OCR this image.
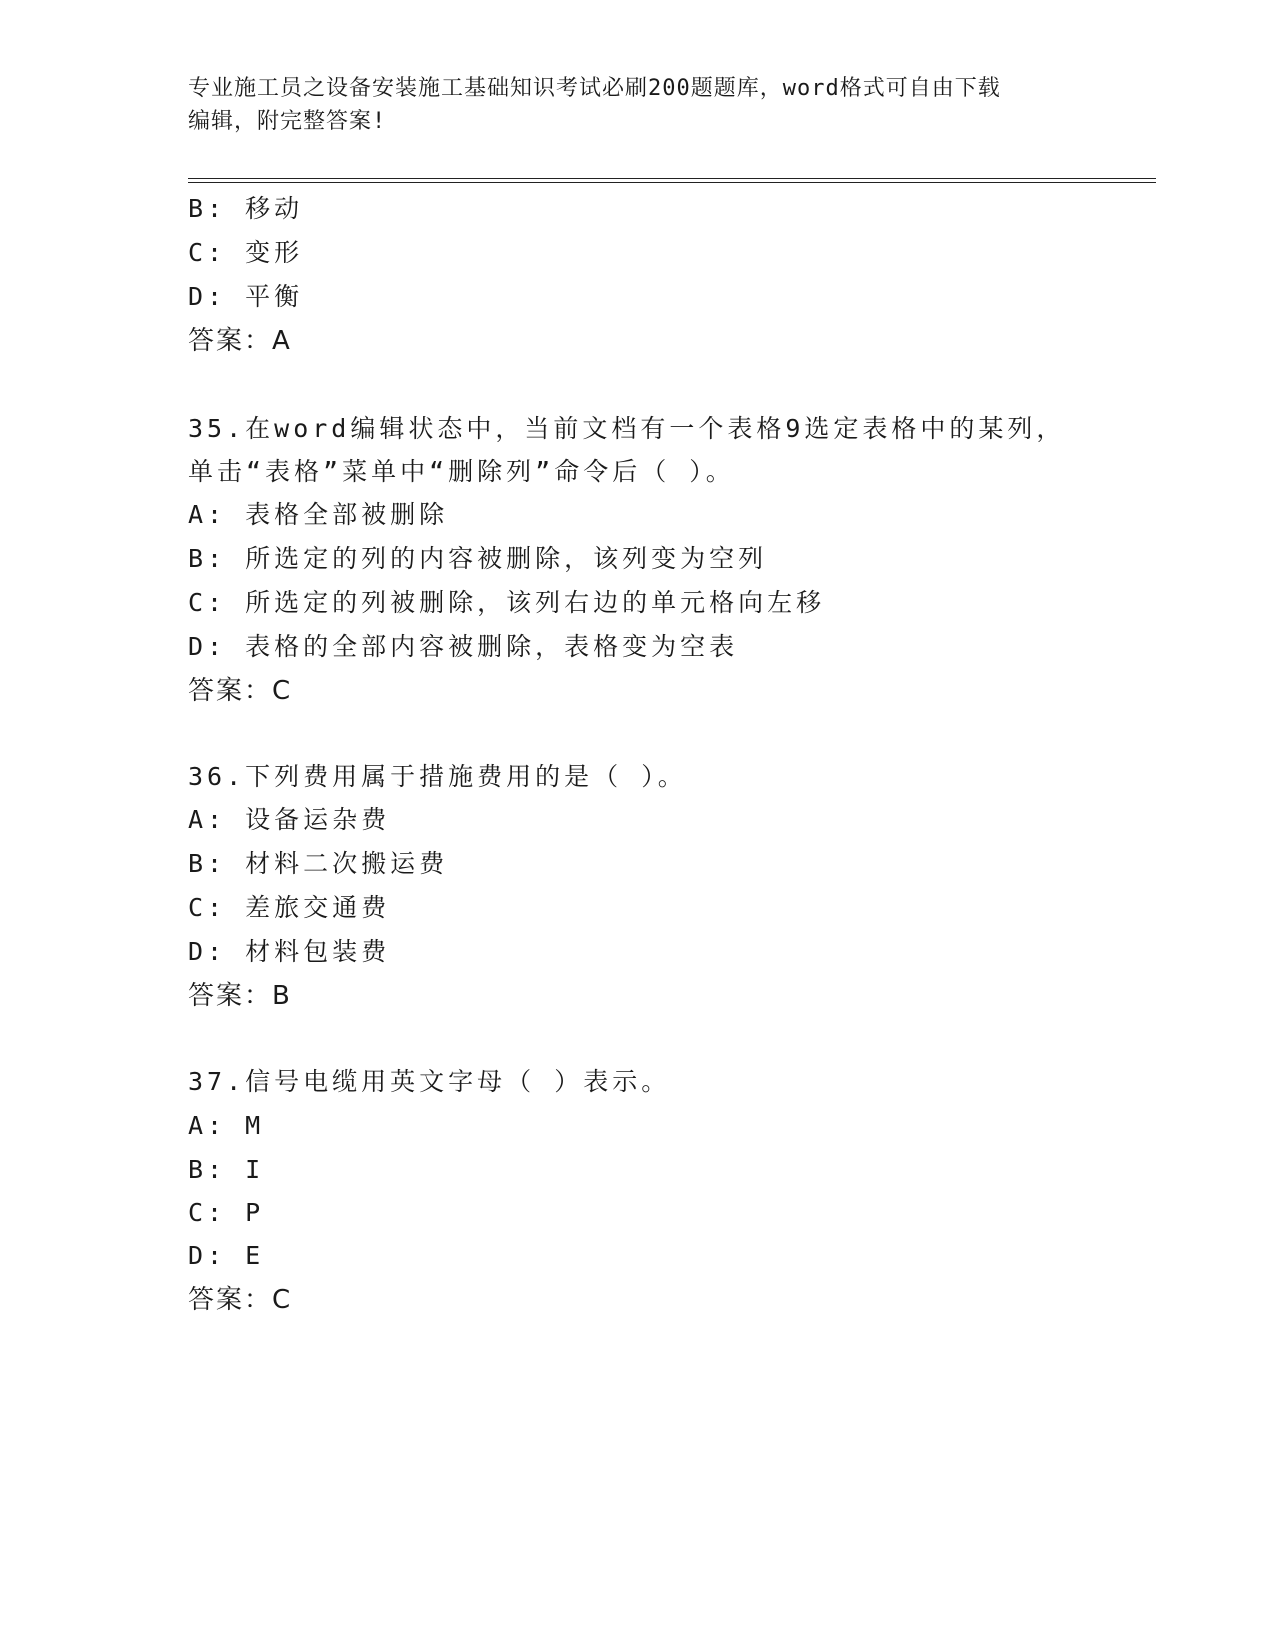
专业施工员之设备安装施工基础知识考试必刷200题题库，word格式可自由下载
编辑，附完整答案!
B: 移动
C: 变形
D: 平衡
答案：A
35.在word编辑状态中，当前文档有一个表格9选定表格中的某列，
单击“表格”菜单中“删除列”命令后（ ）。
A: 表格全部被删除
B: 所选定的列的内容被删除，该列变为空列
C: 所选定的列被删除，该列右边的单元格向左移
D: 表格的全部内容被删除，表格变为空表
答案：C
36.下列费用属于措施费用的是（ ）。
A: 设备运杂费
B: 材料二次搬运费
C: 差旅交通费
D: 材料包装费
答案：B
37.信号电缆用英文字母（ ）表示。
A: M
B: I
C: P
D: E
答案：C
